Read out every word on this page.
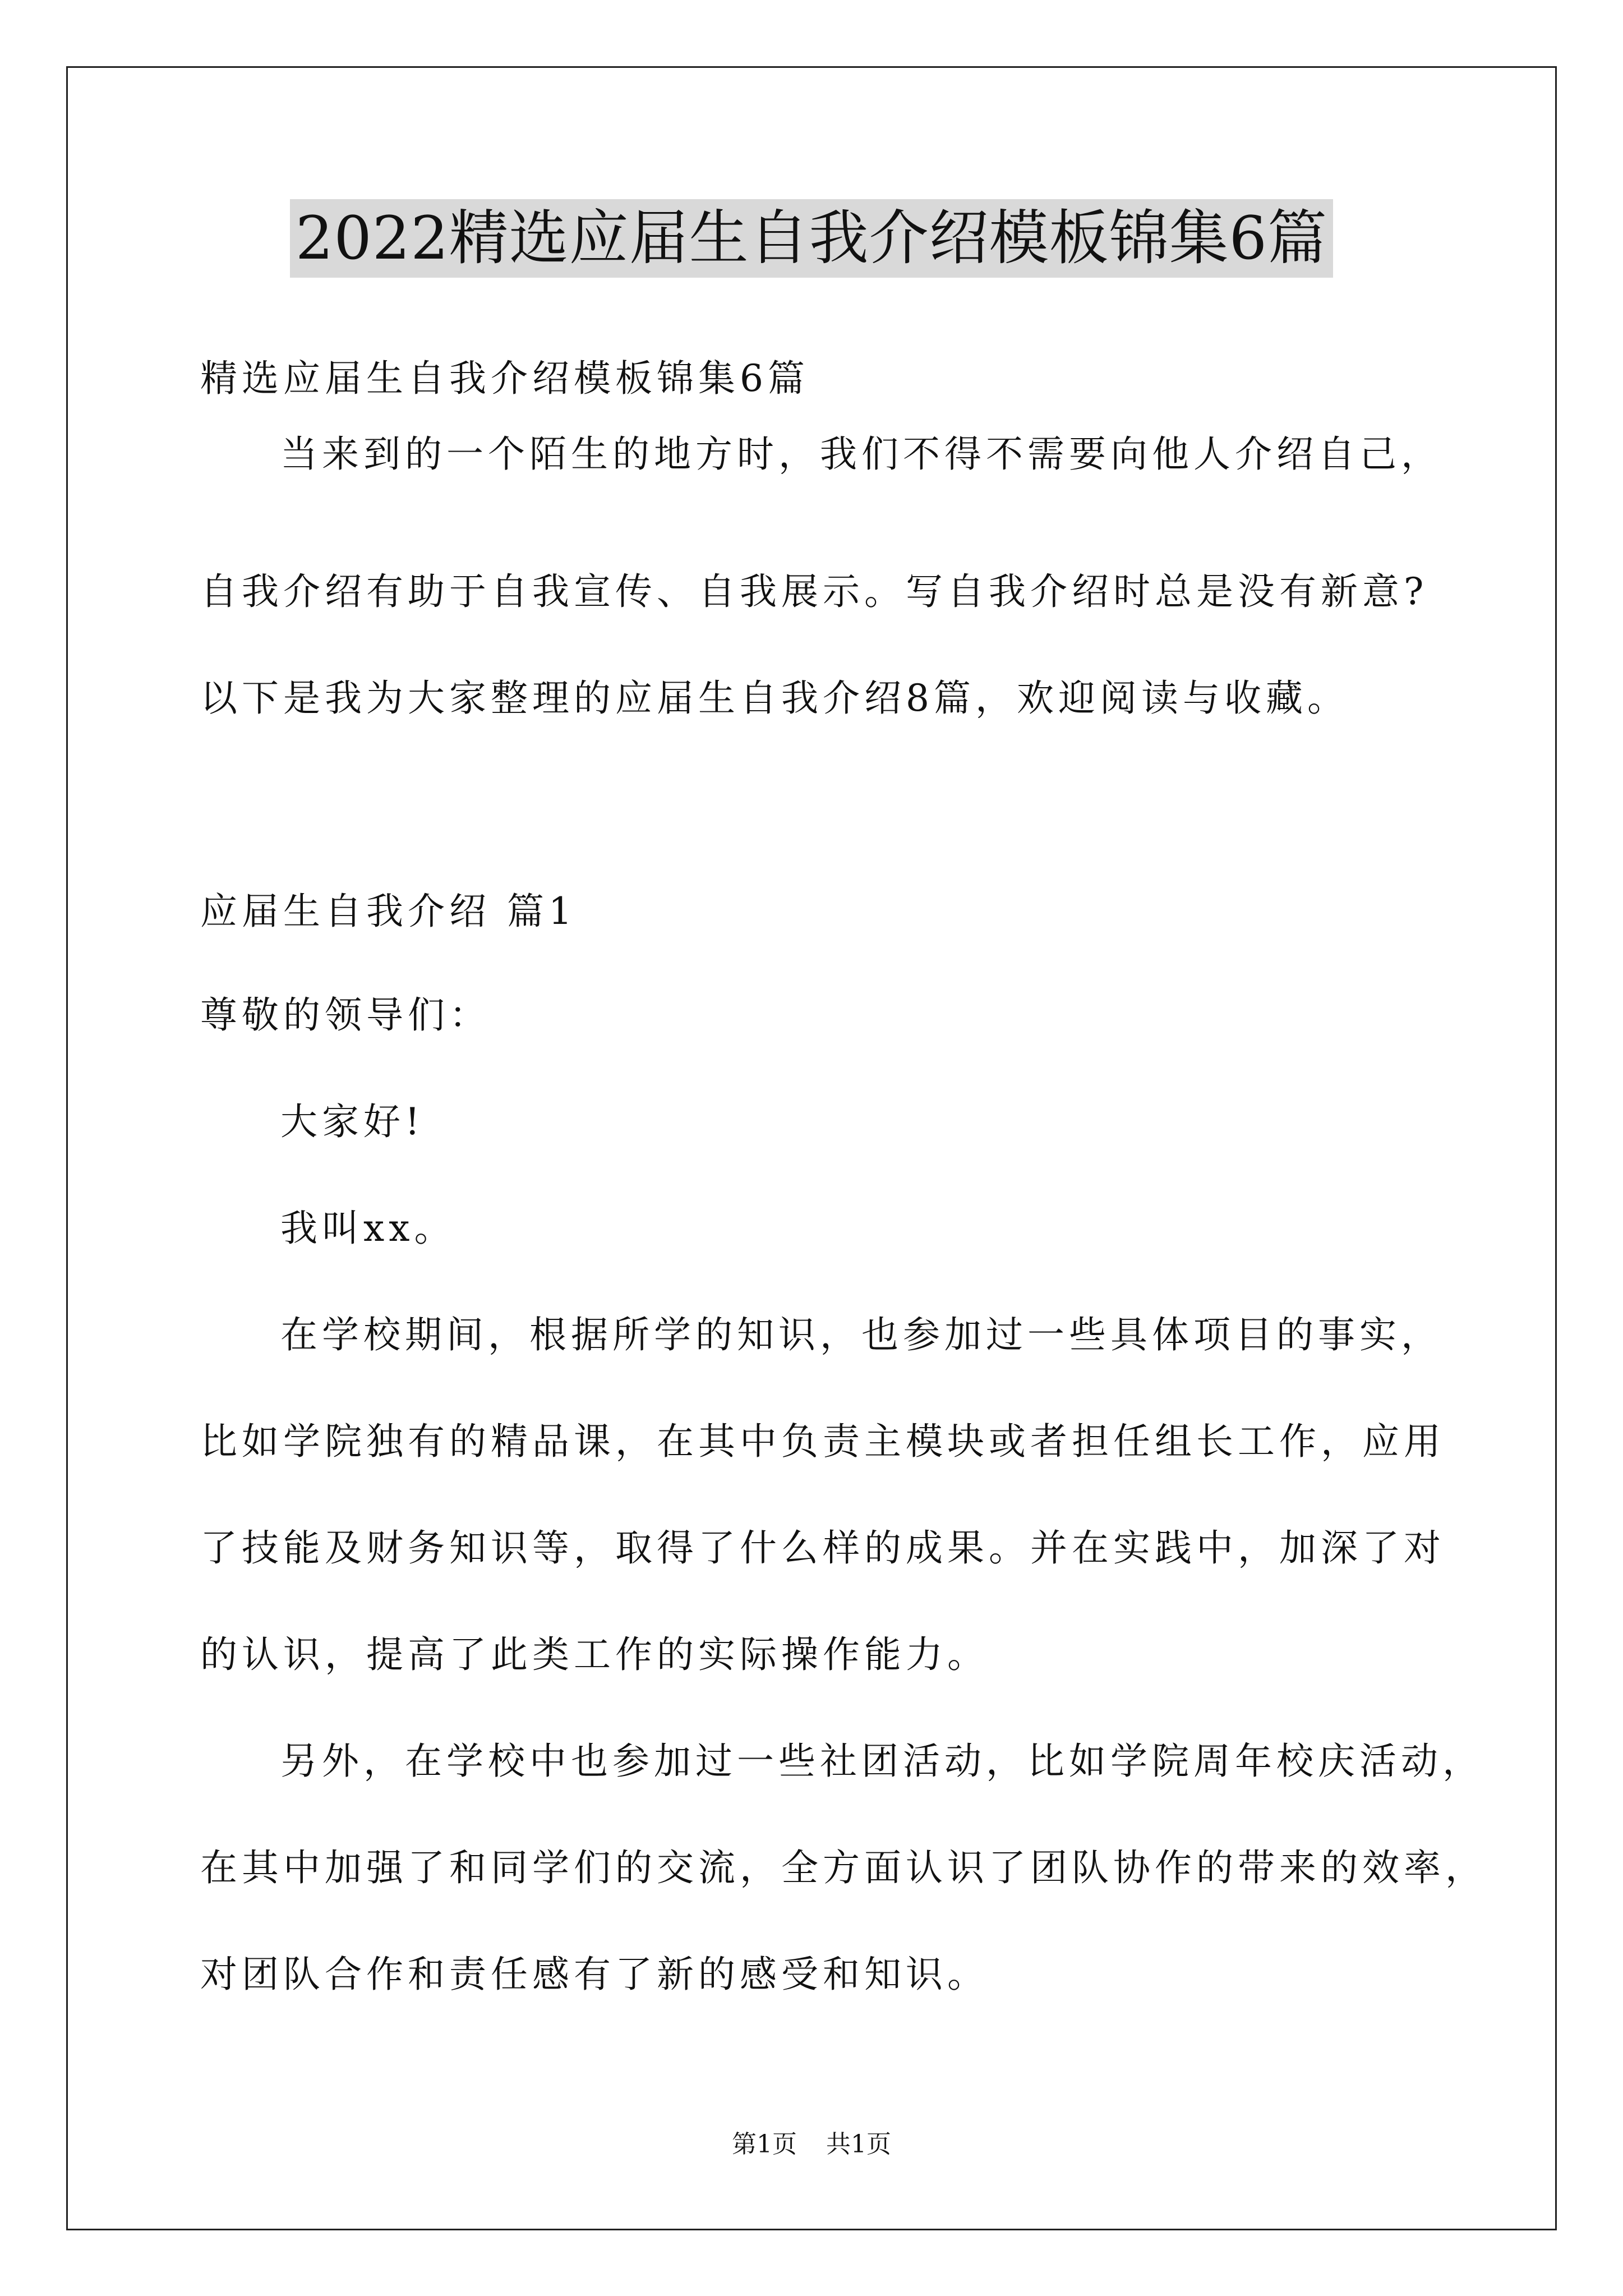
2022精选应届生自我介绍模板锦集6篇
精选应届生自我介绍模板锦集6篇
当来到的一个陌生的地方时，我们不得不需要向他人介绍自己，
自我介绍有助于自我宣传、自我展示。写自我介绍时总是没有新意?
以下是我为大家整理的应届生自我介绍8篇，欢迎阅读与收藏。
应届生自我介绍 篇1
尊敬的领导们：
大家好!
我叫xx。
在学校期间，根据所学的知识，也参加过一些具体项目的事实，
比如学院独有的精品课，在其中负责主模块或者担任组长工作，应用
了技能及财务知识等，取得了什么样的成果。并在实践中，加深了对
的认识，提高了此类工作的实际操作能力。
另外，在学校中也参加过一些社团活动，比如学院周年校庆活动，
在其中加强了和同学们的交流，全方面认识了团队协作的带来的效率，
对团队合作和责任感有了新的感受和知识。
第1页 共1页
